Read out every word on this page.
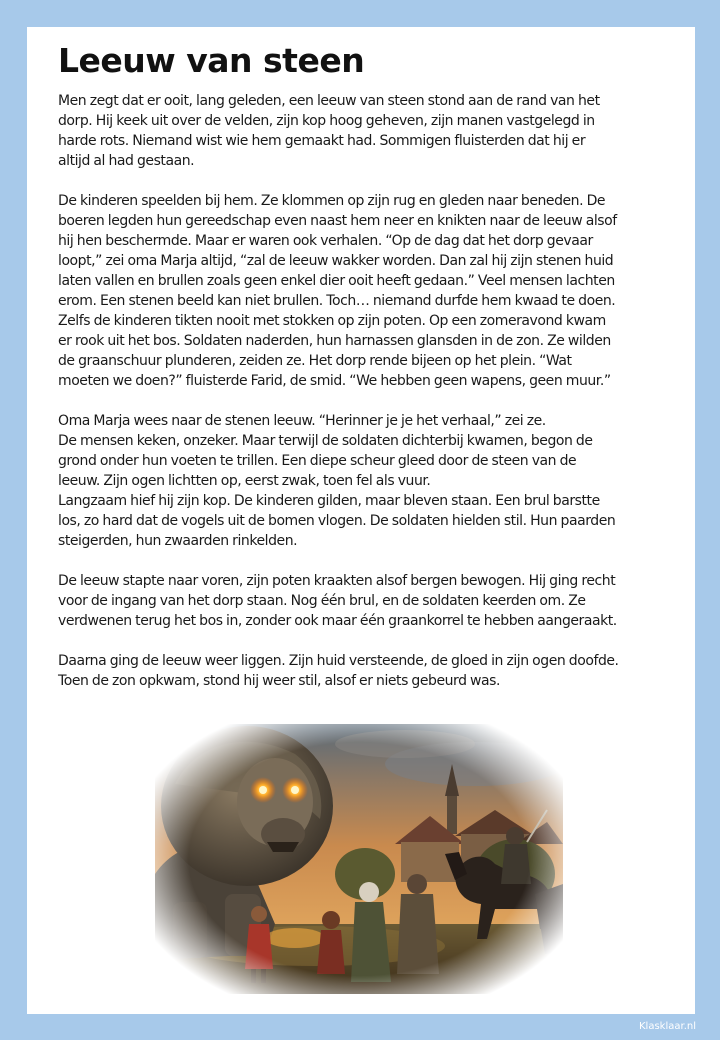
Leeuw van steen
Men zegt dat er ooit, lang geleden, een leeuw van steen stond aan de rand van het
dorp. Hij keek uit over de velden, zijn kop hoog geheven, zijn manen vastgelegd in
harde rots. Niemand wist wie hem gemaakt had. Sommigen fluisterden dat hij er
altijd al had gestaan.
De kinderen speelden bij hem. Ze klommen op zijn rug en gleden naar beneden. De
boeren legden hun gereedschap even naast hem neer en knikten naar de leeuw alsof
hij hen beschermde. Maar er waren ook verhalen. “Op de dag dat het dorp gevaar
loopt,” zei oma Marja altijd, “zal de leeuw wakker worden. Dan zal hij zijn stenen huid
laten vallen en brullen zoals geen enkel dier ooit heeft gedaan.” Veel mensen lachten
erom. Een stenen beeld kan niet brullen. Toch… niemand durfde hem kwaad te doen.
Zelfs de kinderen tikten nooit met stokken op zijn poten. Op een zomeravond kwam
er rook uit het bos. Soldaten naderden, hun harnassen glansden in de zon. Ze wilden
de graanschuur plunderen, zeiden ze. Het dorp rende bijeen op het plein. “Wat
moeten we doen?” fluisterde Farid, de smid. “We hebben geen wapens, geen muur.”
Oma Marja wees naar de stenen leeuw. “Herinner je je het verhaal,” zei ze.
De mensen keken, onzeker. Maar terwijl de soldaten dichterbij kwamen, begon de
grond onder hun voeten te trillen. Een diepe scheur gleed door de steen van de
leeuw. Zijn ogen lichtten op, eerst zwak, toen fel als vuur.
Langzaam hief hij zijn kop. De kinderen gilden, maar bleven staan. Een brul barstte
los, zo hard dat de vogels uit de bomen vlogen. De soldaten hielden stil. Hun paarden
steigerden, hun zwaarden rinkelden.
De leeuw stapte naar voren, zijn poten kraakten alsof bergen bewogen. Hij ging recht
voor de ingang van het dorp staan. Nog één brul, en de soldaten keerden om. Ze
verdwenen terug het bos in, zonder ook maar één graankorrel te hebben aangeraakt.
Daarna ging de leeuw weer liggen. Zijn huid versteende, de gloed in zijn ogen doofde.
Toen de zon opkwam, stond hij weer stil, alsof er niets gebeurd was.
Klasklaar.nl
